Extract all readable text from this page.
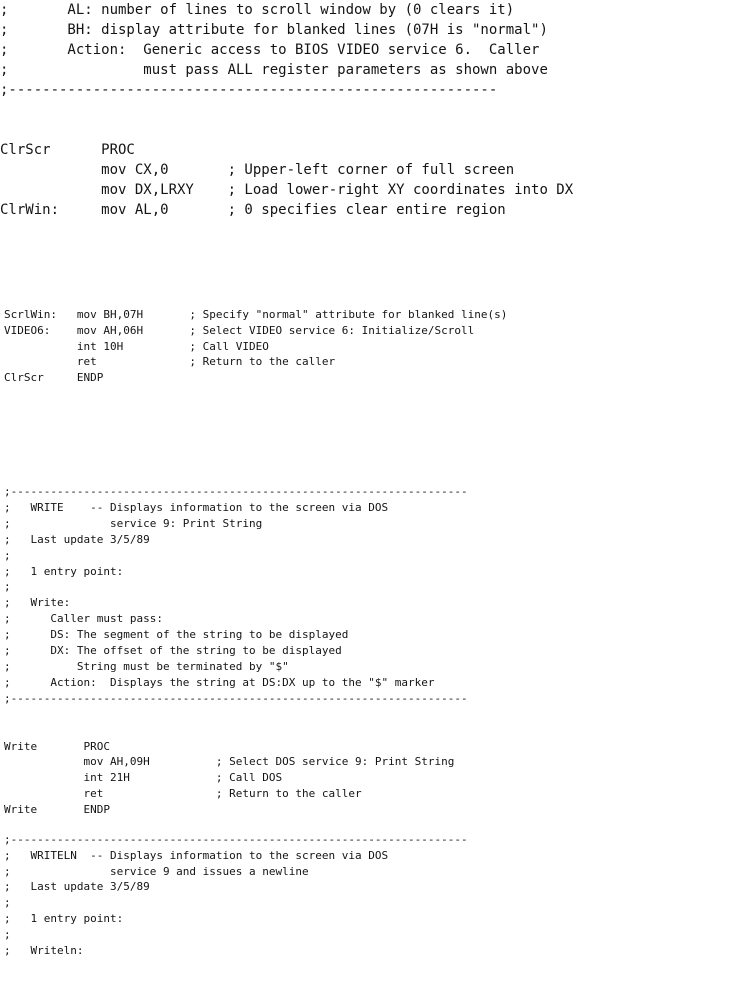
;       AL: number of lines to scroll window by (0 clears it)
;       BH: display attribute for blanked lines (07H is "normal")
;       Action:  Generic access to BIOS VIDEO service 6.  Caller
;                must pass ALL register parameters as shown above
;----------------------------------------------------------

ClrScr      PROC
mov CX,0       ; Upper-left corner of full screen
mov DX,LRXY    ; Load lower-right XY coordinates into DX
ClrWin:     mov AL,0       ; 0 specifies clear entire region
ScrlWin:   mov BH,07H       ; Specify "normal" attribute for blanked line(s)
VIDEO6:    mov AH,06H       ; Select VIDEO service 6: Initialize/Scroll
int 10H          ; Call VIDEO
ret              ; Return to the caller
ClrScr     ENDP
;---------------------------------------------------------------------
;   WRITE    -- Displays information to the screen via DOS
;               service 9: Print String
;   Last update 3/5/89
;
;   1 entry point:
;
;   Write:
;      Caller must pass:
;      DS: The segment of the string to be displayed
;      DX: The offset of the string to be displayed
;          String must be terminated by "$"
;      Action:  Displays the string at DS:DX up to the "$" marker
;---------------------------------------------------------------------

Write       PROC
mov AH,09H          ; Select DOS service 9: Print String
int 21H             ; Call DOS
ret                 ; Return to the caller
Write       ENDP
;---------------------------------------------------------------------
;   WRITELN  -- Displays information to the screen via DOS
;               service 9 and issues a newline
;   Last update 3/5/89
;
;   1 entry point:
;
;   Writeln:
